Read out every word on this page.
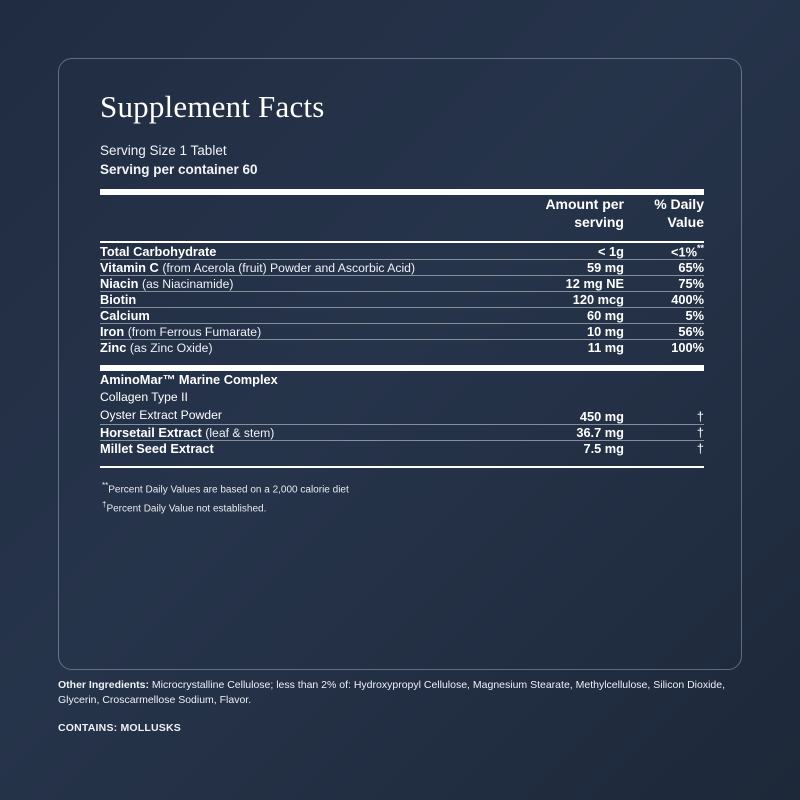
Supplement Facts
Serving Size 1 Tablet
Serving per container 60
	Amount per
serving	% Daily
Value
Total Carbohydrate	< 1g	<1%**
Vitamin C (from Acerola (fruit) Powder and Ascorbic Acid)	59 mg	65%
Niacin (as Niacinamide)	12 mg NE	75%
Biotin	120 mcg	400%
Calcium	60 mg	5%
Iron (from Ferrous Fumarate)	10 mg	56%
Zinc (as Zinc Oxide)	11 mg	100%
AminoMar™ Marine Complex
Collagen Type II
Oyster Extract Powder	450 mg	†
Horsetail Extract (leaf & stem)	36.7 mg	†
Millet Seed Extract	7.5 mg	†
**Percent Daily Values are based on a 2,000 calorie diet
†Percent Daily Value not established.
Other Ingredients: Microcrystalline Cellulose; less than 2% of: Hydroxypropyl Cellulose, Magnesium Stearate, Methylcellulose, Silicon Dioxide, Glycerin, Croscarmellose Sodium, Flavor.
CONTAINS: MOLLUSKS
